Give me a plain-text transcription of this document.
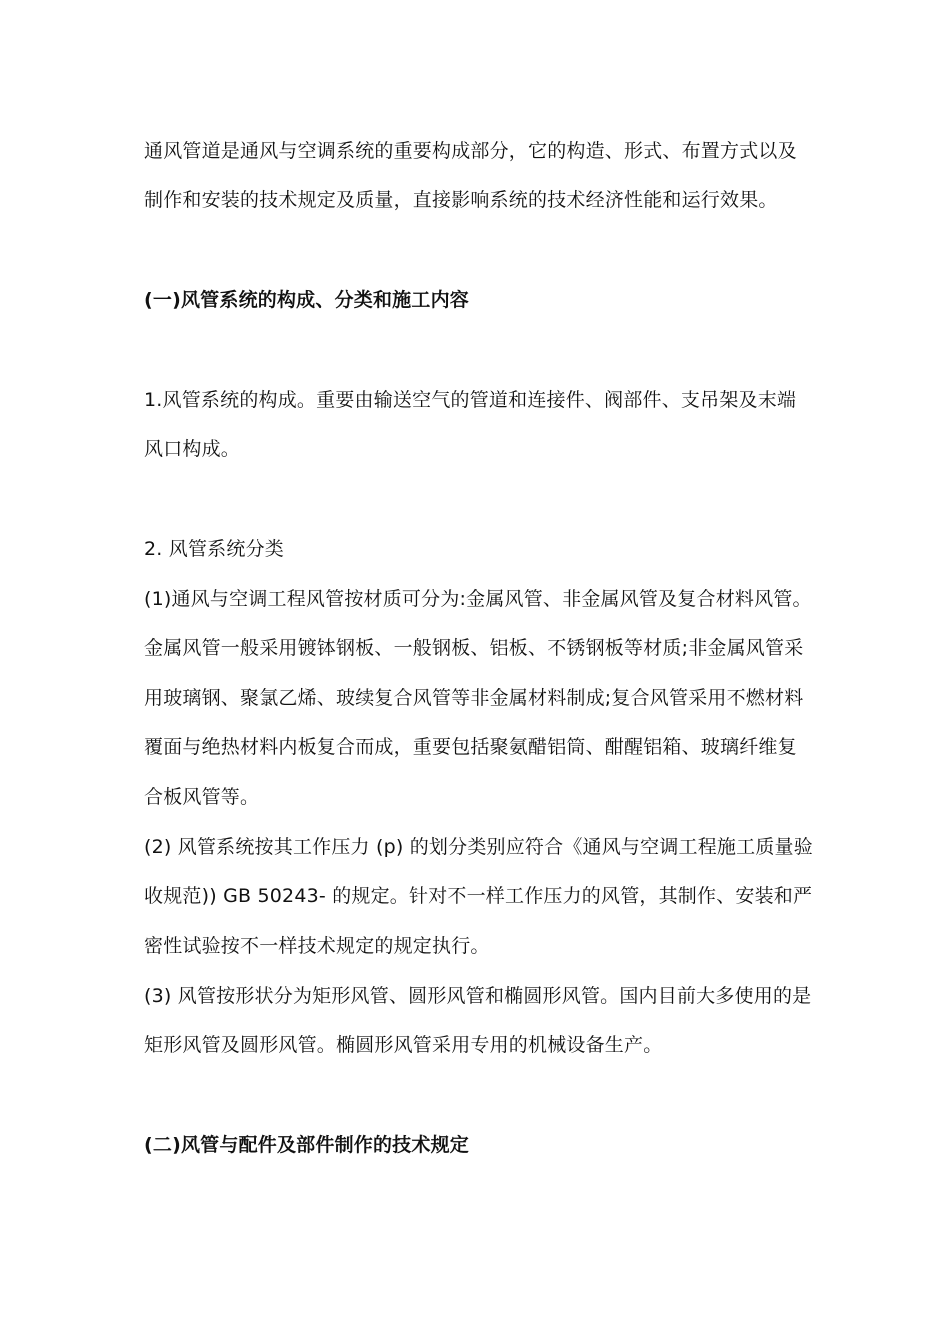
通风管道是通风与空调系统的重要构成部分，它的构造、形式、布置方式以及
制作和安装的技术规定及质量，直接影响系统的技术经济性能和运行效果。
(一)风管系统的构成、分类和施工内容
1.风管系统的构成。重要由输送空气的管道和连接件、阀部件、支吊架及末端
风口构成。
2. 风管系统分类
(1)通风与空调工程风管按材质可分为:金属风管、非金属风管及复合材料风管。
金属风管一般采用镀钵钢板、一般钢板、铝板、不锈钢板等材质;非金属风管采
用玻璃钢、聚氯乙烯、玻续复合风管等非金属材料制成;复合风管采用不燃材料
覆面与绝热材料内板复合而成，重要包括聚氨醋铝筒、酣醒铝箱、玻璃纤维复
合板风管等。
(2) 风管系统按其工作压力 (p) 的划分类别应符合《通风与空调工程施工质量验
收规范)) GB 50243- 的规定。针对不一样工作压力的风管，其制作、安装和严
密性试验按不一样技术规定的规定执行。
(3) 风管按形状分为矩形风管、圆形风管和椭圆形风管。国内目前大多使用的是
矩形风管及圆形风管。椭圆形风管采用专用的机械设备生产。
(二)风管与配件及部件制作的技术规定
